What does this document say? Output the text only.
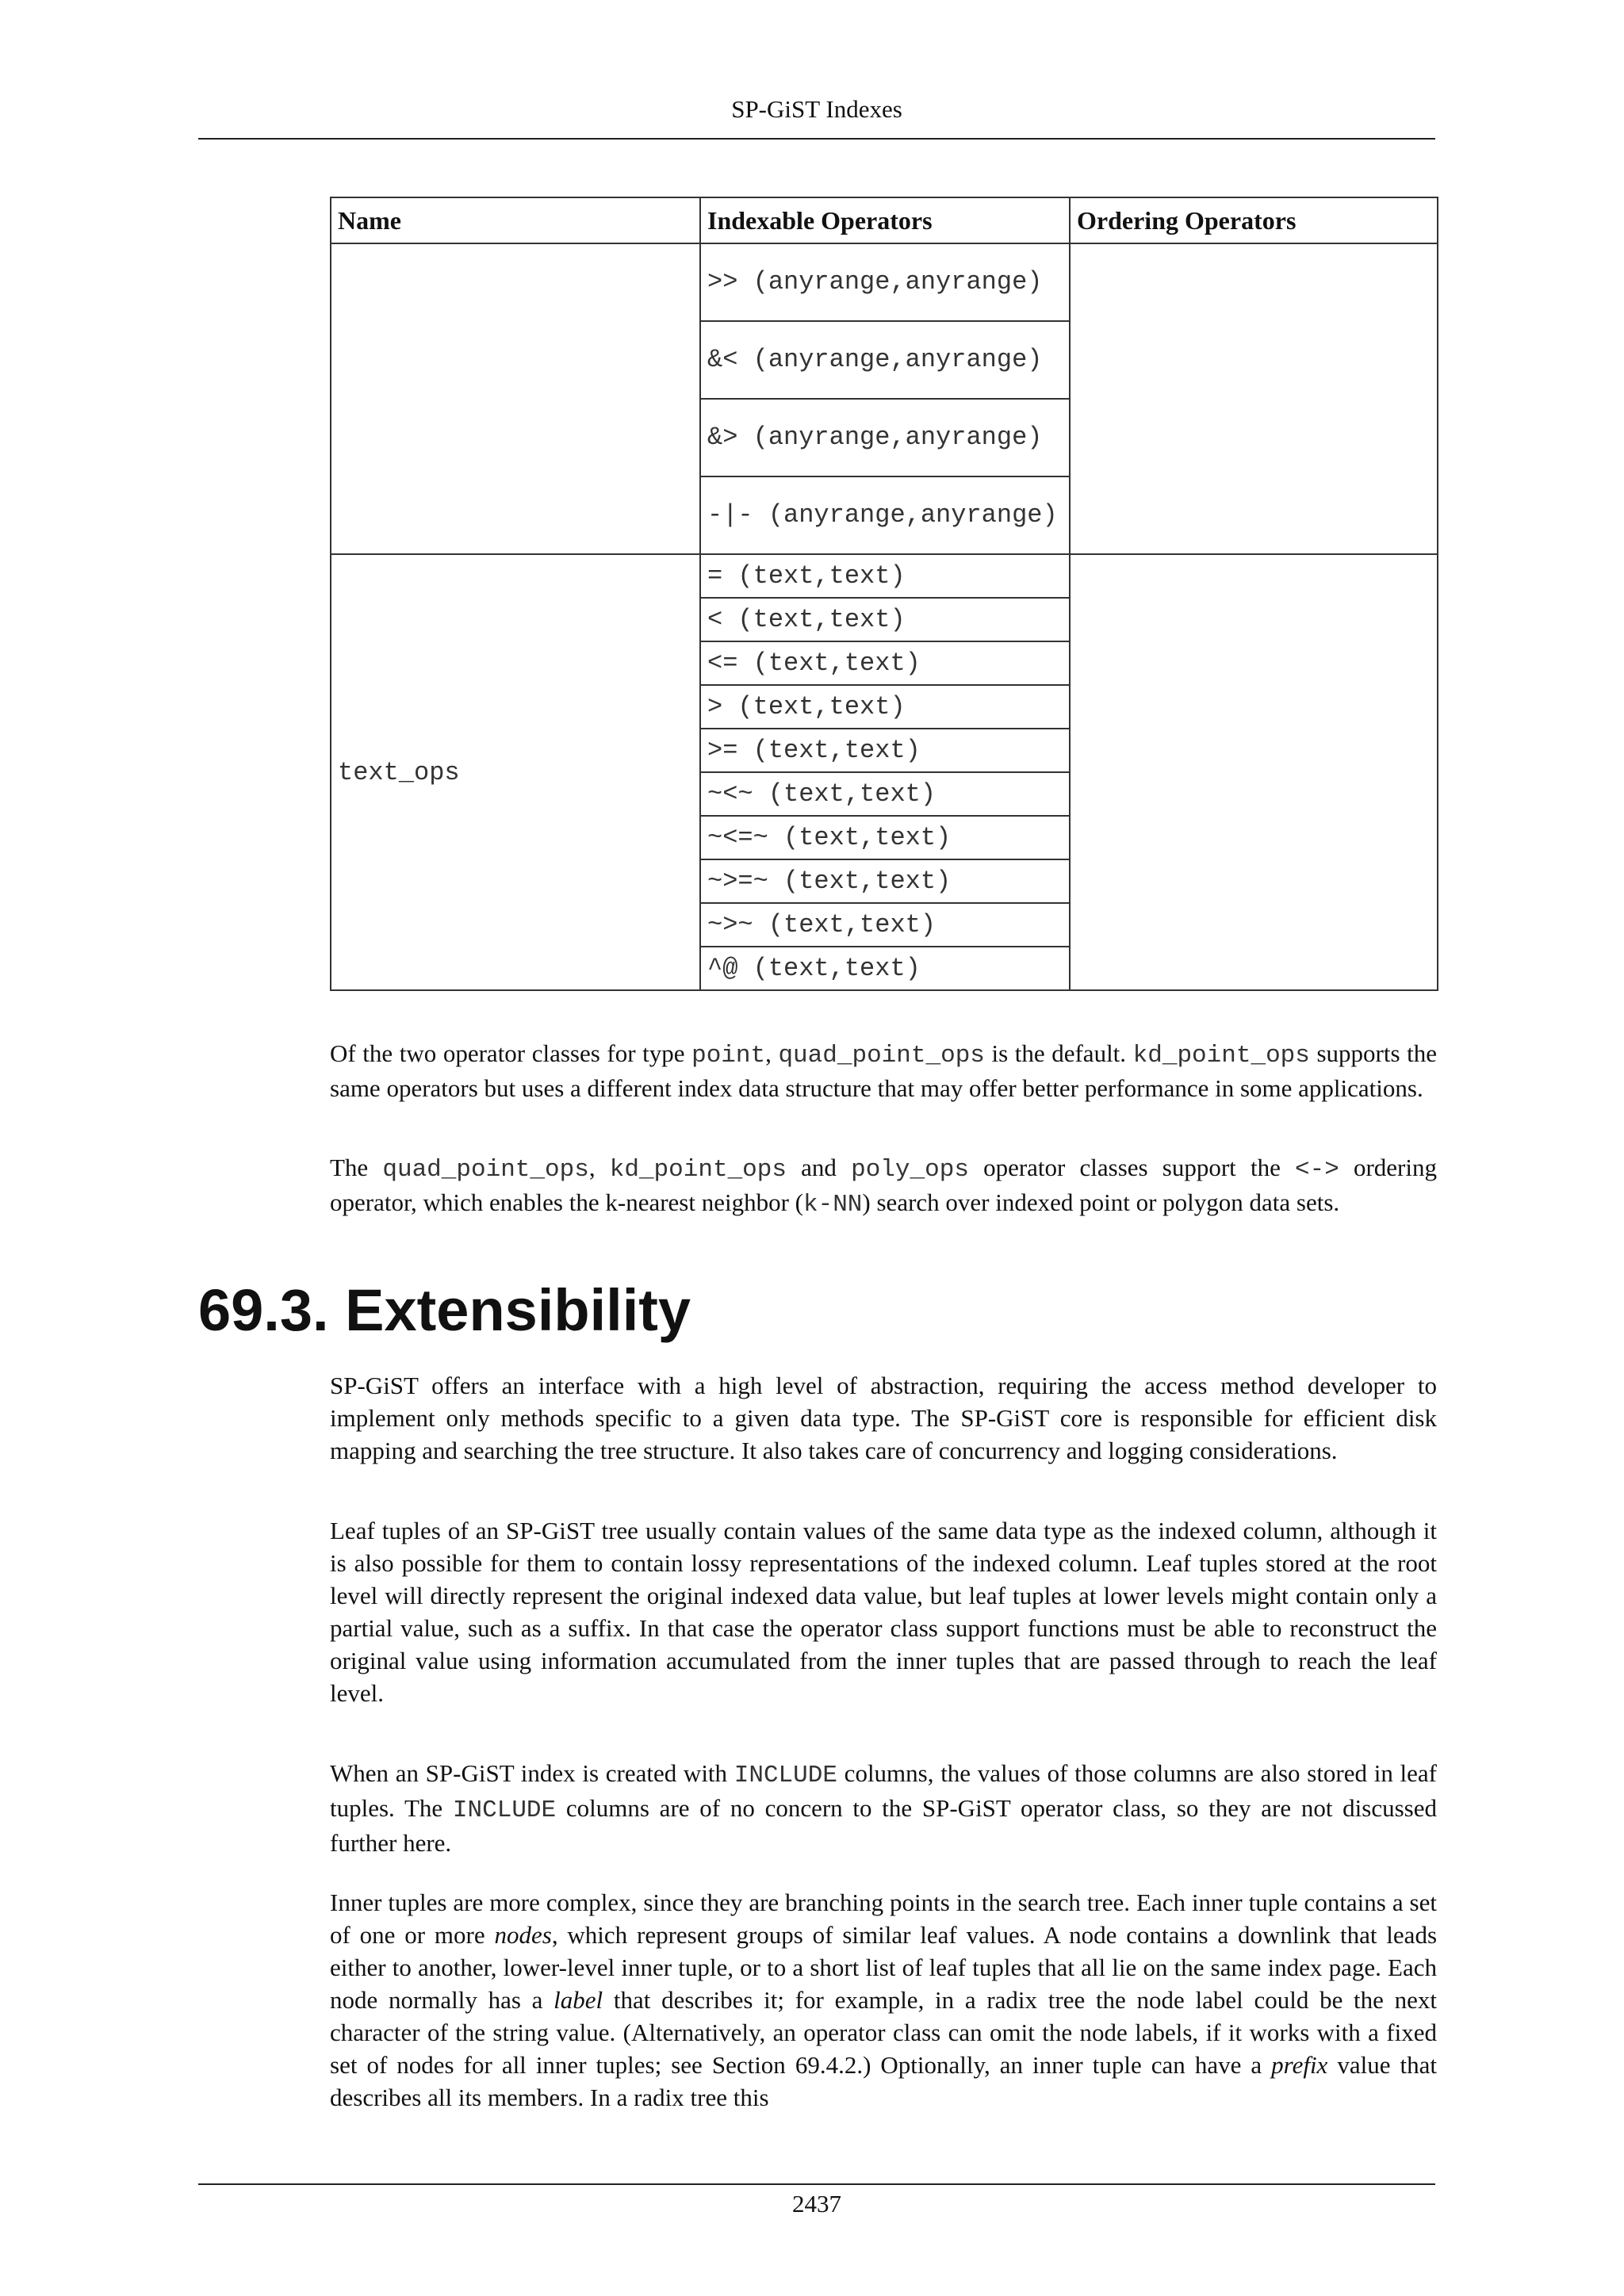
SP-GiST Indexes
Name	Indexable Operators	Ordering Operators
	>> (anyrange,anyrange)	
	&< (anyrange,anyrange)	
	&> (anyrange,anyrange)	
	-|- (anyrange,anyrange)	
text_ops	= (text,text)	
	< (text,text)	
	<= (text,text)	
	> (text,text)	
	>= (text,text)	
	~<~ (text,text)	
	~<=~ (text,text)	
	~>=~ (text,text)	
	~>~ (text,text)	
	^@ (text,text)	

Of the two operator classes for type point, quad_point_ops is the default. kd_point_ops supports the same operators but uses a different index data structure that may offer better performance in some applications.

The quad_point_ops, kd_point_ops and poly_ops operator classes support the <-> ordering operator, which enables the k-nearest neighbor (k-NN) search over indexed point or polygon data sets.

69.3. Extensibility

SP-GiST offers an interface with a high level of abstraction, requiring the access method developer to implement only methods specific to a given data type. The SP-GiST core is responsible for efficient disk mapping and searching the tree structure. It also takes care of concurrency and logging considerations.

Leaf tuples of an SP-GiST tree usually contain values of the same data type as the indexed column, although it is also possible for them to contain lossy representations of the indexed column. Leaf tuples stored at the root level will directly represent the original indexed data value, but leaf tuples at lower levels might contain only a partial value, such as a suffix. In that case the operator class support functions must be able to reconstruct the original value using information accumulated from the inner tuples that are passed through to reach the leaf level.

When an SP-GiST index is created with INCLUDE columns, the values of those columns are also stored in leaf tuples. The INCLUDE columns are of no concern to the SP-GiST operator class, so they are not discussed further here.

Inner tuples are more complex, since they are branching points in the search tree. Each inner tuple contains a set of one or more nodes, which represent groups of similar leaf values. A node contains a downlink that leads either to another, lower-level inner tuple, or to a short list of leaf tuples that all lie on the same index page. Each node normally has a label that describes it; for example, in a radix tree the node label could be the next character of the string value. (Alternatively, an operator class can omit the node labels, if it works with a fixed set of nodes for all inner tuples; see Section 69.4.2.) Optionally, an inner tuple can have a prefix value that describes all its members. In a radix tree this

2437
